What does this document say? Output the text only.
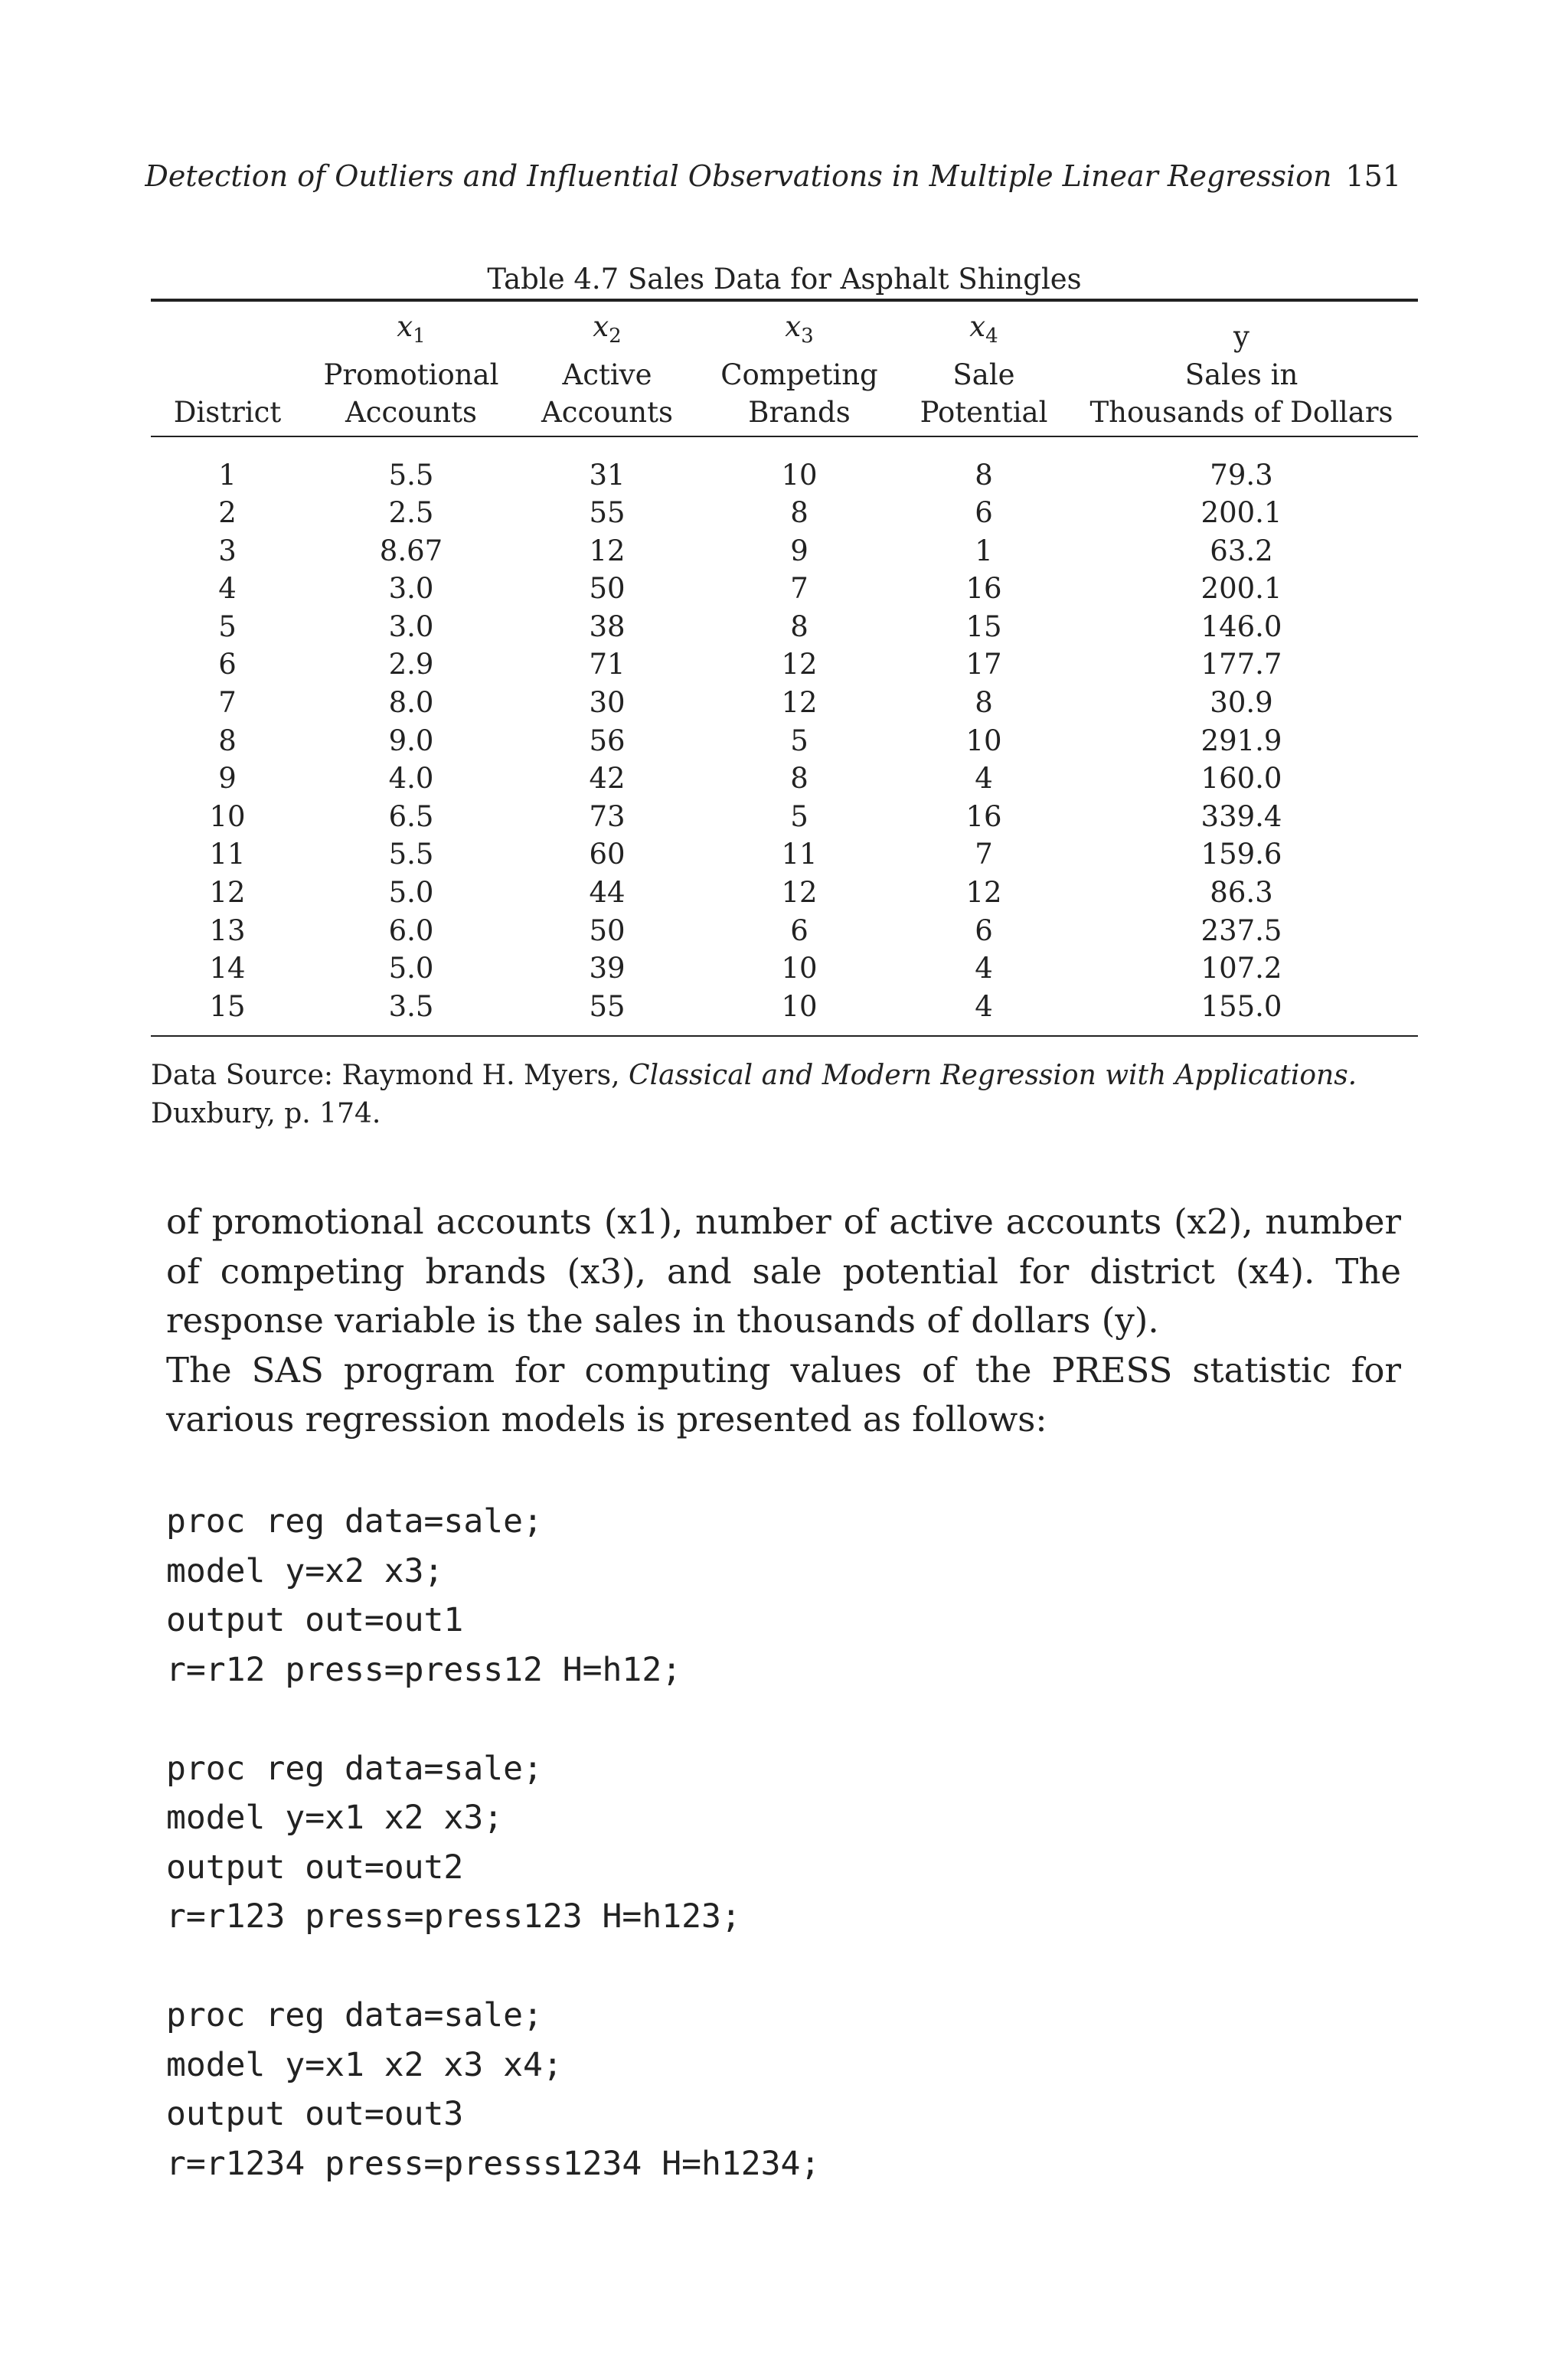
Detection of Outliers and Influential Observations in Multiple Linear Regression 151
Table 4.7 Sales Data for Asphalt Shingles
	$x_1$	$x_2$	$x_3$	$x_4$	y
	Promotional	Active	Competing	Sale	Sales in
District	Accounts	Accounts	Brands	Potential	Thousands of Dollars

1	5.5	31	10	8	79.3
2	2.5	55	8	6	200.1
3	8.67	12	9	1	63.2
4	3.0	50	7	16	200.1
5	3.0	38	8	15	146.0
6	2.9	71	12	17	177.7
7	8.0	30	12	8	30.9
8	9.0	56	5	10	291.9
9	4.0	42	8	4	160.0
10	6.5	73	5	16	339.4
11	5.5	60	11	7	159.6
12	5.0	44	12	12	86.3
13	6.0	50	6	6	237.5
14	5.0	39	10	4	107.2
15	3.5	55	10	4	155.0
Data Source: Raymond H. Myers, Classical and Modern Regression with Applications.
Duxbury, p. 174.

of promotional accounts (x1), number of active accounts (x2), number of competing brands (x3), and sale potential for district (x4). The response variable is the sales in thousands of dollars (y).

The SAS program for computing values of the PRESS statistic for various regression models is presented as follows:

proc reg data=sale;
model y=x2 x3;
output out=out1
r=r12 press=press12 H=h12;
proc reg data=sale;
model y=x1 x2 x3;
output out=out2
r=r123 press=press123 H=h123;
proc reg data=sale;
model y=x1 x2 x3 x4;
output out=out3
r=r1234 press=presss1234 H=h1234;
